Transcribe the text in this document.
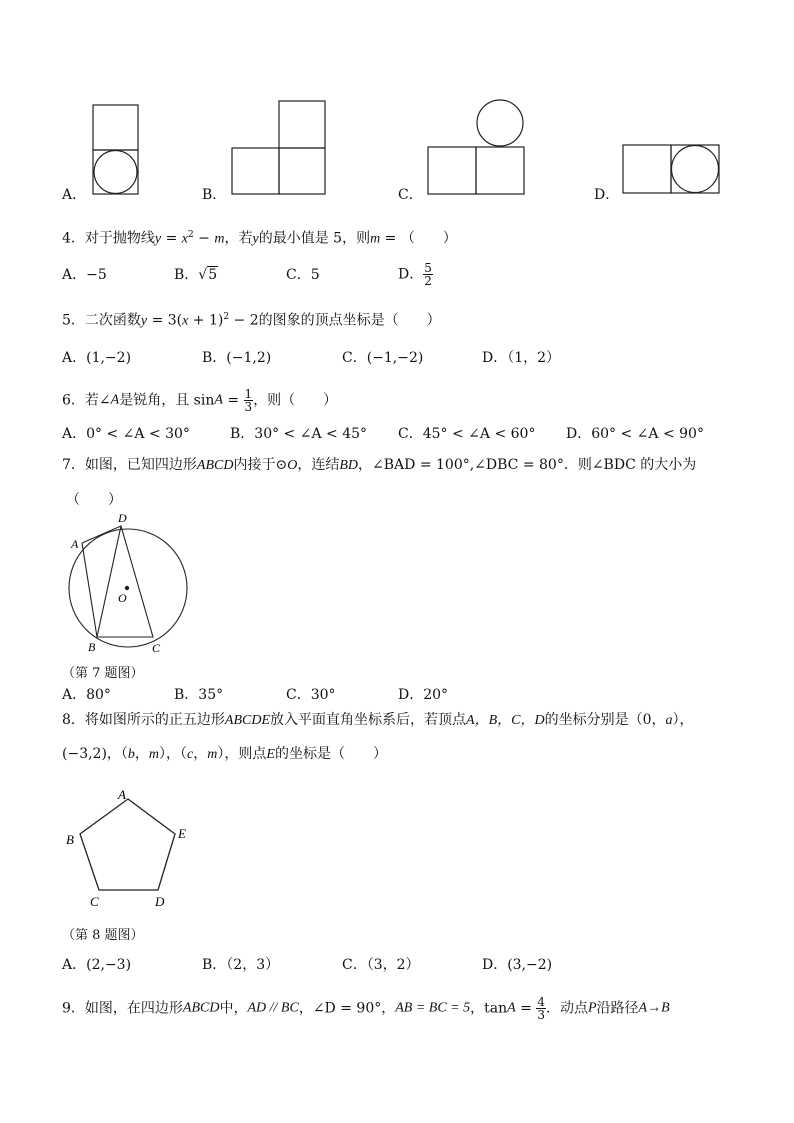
A．	B．	C．	D．
4．对于抛物线$y = x^2 - m$，若y的最小值是 5，则m = （　　）
A．−5	B．√5	C．5	D． $\frac{5}{2}$
5．二次函数$y = 3(x + 1)^2 - 2$的图象的顶点坐标是（　　）
A．(1,−2)	B．(−1,2)	C．(−1,−2)	D．（1，2）
6．若∠A是锐角，且 $\sin A = \frac{1}{3}$ ，则（　　）
A．0° < ∠A < 30°	B．30° < ∠A < 45° C．45° < ∠A < 60° D．60° < ∠A < 90°
7．如图，已知四边形ABCD内接于⊙O，连结BD，∠BAD = 100°,∠DBC = 80°．则∠BDC 的大小为
（　　）
D
A
O
B	C
（第 7 题图）
A．80°	B．35°	C．30°	D．20°
8．将如图所示的正五边形ABCDE放入平面直角坐标系后，若顶点A，B，C，D的坐标分别是（0，a），
(−3,2)，（b，m），（c，m），则点E的坐标是（　　）
A
B	E
C	D
（第 8 题图）
A．(2,−3)	B．（2，3）	C．（3，2）	D．(3,−2)
9．如图，在四边形ABCD中，AD // BC，∠D = 90°，AB = BC = 5，$\tan A = \frac{4}{3}$ ．动点P沿路径A→B
